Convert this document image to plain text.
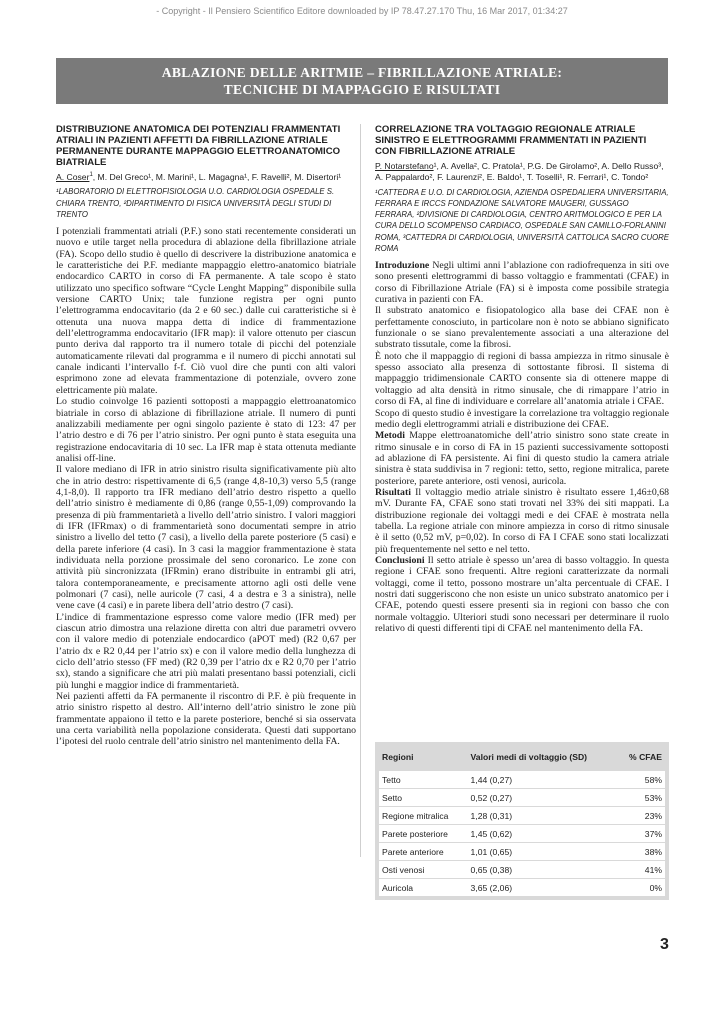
- Copyright - Il Pensiero Scientifico Editore downloaded by IP 78.47.27.170 Thu, 16 Mar 2017, 01:34:27
ABLAZIONE DELLE ARITMIE – FIBRILLAZIONE ATRIALE:
TECNICHE DI MAPPAGGIO E RISULTATI
DISTRIBUZIONE ANATOMICA DEI POTENZIALI FRAMMENTATI ATRIALI IN PAZIENTI AFFETTI DA FIBRILLAZIONE ATRIALE PERMANENTE DURANTE MAPPAGGIO ELETTROANATOMICO BIATRIALE
A. Coser$^1$, M. Del Greco¹, M. Marini¹, L. Magagna¹, F. Ravelli², M. Disertori¹
¹LABORATORIO DI ELETTROFISIOLOGIA U.O. CARDIOLOGIA OSPEDALE S. CHIARA TRENTO, ²DIPARTIMENTO DI FISICA UNIVERSITÀ DEGLI STUDI DI TRENTO

I potenziali frammentati atriali (P.F.) sono stati recentemente considerati un nuovo e utile target nella procedura di ablazione della fibrillazione atriale (FA). Scopo dello studio è quello di descrivere la distribuzione anatomica e le caratteristiche dei P.F. mediante mappaggio elettro-anatomico biatriale endocardico CARTO in corso di FA permanente. A tale scopo è stato utilizzato uno specifico software “Cycle Lenght Mapping” disponibile sulla versione CARTO Unix; tale funzione registra per ogni punto l’elettrogramma endocavitario (da 2 e 60 sec.) dalle cui caratteristiche si è ottenuta una nuova mappa detta di indice di frammentazione dell’elettrogramma endocavitario (IFR map): il valore ottenuto per ciascun punto deriva dal rapporto tra il numero totale di picchi del potenziale automaticamente rilevati dal programma e il numero di picchi annotati sul canale indicanti l’intervallo f-f. Ciò vuol dire che punti con alti valori esprimono zone ad elevata frammentazione di potenziale, ovvero zone elettricamente più malate.

Lo studio coinvolge 16 pazienti sottoposti a mappaggio elettroanatomico biatriale in corso di ablazione di fibrillazione atriale. Il numero di punti analizzabili mediamente per ogni singolo paziente è stato di 123: 47 per l’atrio destro e di 76 per l’atrio sinistro. Per ogni punto è stata eseguita una registrazione endocavitaria di 10 sec. La IFR map è stata ottenuta mediante analisi off-line.

Il valore mediano di IFR in atrio sinistro risulta significativamente più alto che in atrio destro: rispettivamente di 6,5 (range 4,8-10,3) verso 5,5 (range 4,1-8,0). Il rapporto tra IFR mediano dell’atrio destro rispetto a quello dell’atrio sinistro è mediamente di 0,86 (range 0,55-1,09) comprovando la presenza di più frammentarietà a livello dell’atrio sinistro. I valori maggiori di IFR (IFRmax) o di frammentarietà sono documentati sempre in atrio sinistro a livello del tetto (7 casi), a livello della parete posteriore (5 casi) e della parete inferiore (4 casi). In 3 casi la maggior frammentazione è stata individuata nella porzione prossimale del seno coronarico. Le zone con attività più sincronizzata (IFRmin) erano distribuite in entrambi gli atri, talora contemporaneamente, e precisamente attorno agli osti delle vene polmonari (7 casi), nelle auricole (7 casi, 4 a destra e 3 a sinistra), nelle vene cave (4 casi) e in parete libera dell’atrio destro (7 casi).

L’indice di frammentazione espresso come valore medio (IFR med) per ciascun atrio dimostra una relazione diretta con altri due parametri ovvero con il valore medio di potenziale endocardico (aPOT med) (R2 0,67 per l’atrio dx e R2 0,44 per l’atrio sx) e con il valore medio della lunghezza di ciclo dell’atrio stesso (FF med) (R2 0,39 per l’atrio dx e R2 0,70 per l’atrio sx), stando a significare che atri più malati presentano bassi potenziali, cicli più lunghi e maggior indice di frammentarietà.

Nei pazienti affetti da FA permanente il riscontro di P.F. è più frequente in atrio sinistro rispetto al destro. All’interno dell’atrio sinistro le zone più frammentate appaiono il tetto e la parete posteriore, benché si sia osservata una certa variabilità nella popolazione considerata. Questi dati supportano l’ipotesi del ruolo centrale dell’atrio sinistro nel mantenimento della FA.

CORRELAZIONE TRA VOLTAGGIO REGIONALE ATRIALE SINISTRO E ELETTROGRAMMI FRAMMENTATI IN PAZIENTI CON FIBRILLAZIONE ATRIALE
P. Notarstefano¹, A. Avella², C. Pratola¹, P.G. De Girolamo², A. Dello Russo³, A. Pappalardo², F. Laurenzi², E. Baldo¹, T. Toselli¹, R. Ferrari¹, C. Tondo²
¹CATTEDRA E U.O. DI CARDIOLOGIA, AZIENDA OSPEDALIERA UNIVERSITARIA, FERRARA E IRCCS FONDAZIONE SALVATORE MAUGERI, GUSSAGO FERRARA, ²DIVISIONE DI CARDIOLOGIA, CENTRO ARITMOLOGICO E PER LA CURA DELLO SCOMPENSO CARDIACO, OSPEDALE SAN CAMILLO-FORLANINI ROMA, ³CATTEDRA DI CARDIOLOGIA, UNIVERSITÀ CATTOLICA SACRO CUORE ROMA

Introduzione Negli ultimi anni l’ablazione con radiofrequenza in siti ove sono presenti elettrogrammi di basso voltaggio e frammentati (CFAE) in corso di Fibrillazione Atriale (FA) si è imposta come possibile strategia curativa in pazienti con FA.

Il substrato anatomico e fisiopatologico alla base dei CFAE non è perfettamente conosciuto, in particolare non è noto se abbiano significato funzionale o se siano prevalentemente associati a una alterazione del substrato tissutale, come la fibrosi.

È noto che il mappaggio di regioni di bassa ampiezza in ritmo sinusale è spesso associato alla presenza di sottostante fibrosi. Il sistema di mappaggio tridimensionale CARTO consente sia di ottenere mappe di voltaggio ad alta densità in ritmo sinusale, che di rimappare l’atrio in corso di FA, al fine di individuare e correlare all’anatomia atriale i CFAE.

Scopo di questo studio è investigare la correlazione tra voltaggio regionale medio degli elettrogrammi atriali e distribuzione dei CFAE.

Metodi Mappe elettroanatomiche dell’atrio sinistro sono state create in ritmo sinusale e in corso di FA in 15 pazienti successivamente sottoposti ad ablazione di FA persistente. Ai fini di questo studio la camera atriale sinistra è stata suddivisa in 7 regioni: tetto, setto, regione mitralica, parete posteriore, parete anteriore, osti venosi, auricola.

Risultati Il voltaggio medio atriale sinistro è risultato essere 1,46±0,68 mV. Durante FA, CFAE sono stati trovati nel 33% dei siti mappati. La distribuzione regionale dei voltaggi medi e dei CFAE è mostrata nella tabella. La regione atriale con minore ampiezza in corso di ritmo sinusale è il setto (0,52 mV, p=0,02). In corso di FA I CFAE sono stati localizzati più frequentemente nel setto e nel tetto.

Conclusioni Il setto atriale è spesso un’area di basso voltaggio. In questa regione i CFAE sono frequenti. Altre regioni caratterizzate da normali voltaggi, come il tetto, possono mostrare un’alta percentuale di CFAE. I nostri dati suggeriscono che non esiste un unico substrato anatomico per i CFAE, potendo questi essere presenti sia in regioni con basso che con normale voltaggio. Ulteriori studi sono necessari per determinare il ruolo relativo di questi differenti tipi di CFAE nel mantenimento della FA.

Regioni	Valori medi di voltaggio (SD)	% CFAE
Tetto	1,44 (0,27)	58%
Setto	0,52 (0,27)	53%
Regione mitralica	1,28 (0,31)	23%
Parete posteriore	1,45 (0,62)	37%
Parete anteriore	1,01 (0,65)	38%
Osti venosi	0,65 (0,38)	41%
Auricola	3,65 (2,06)	0%
3
